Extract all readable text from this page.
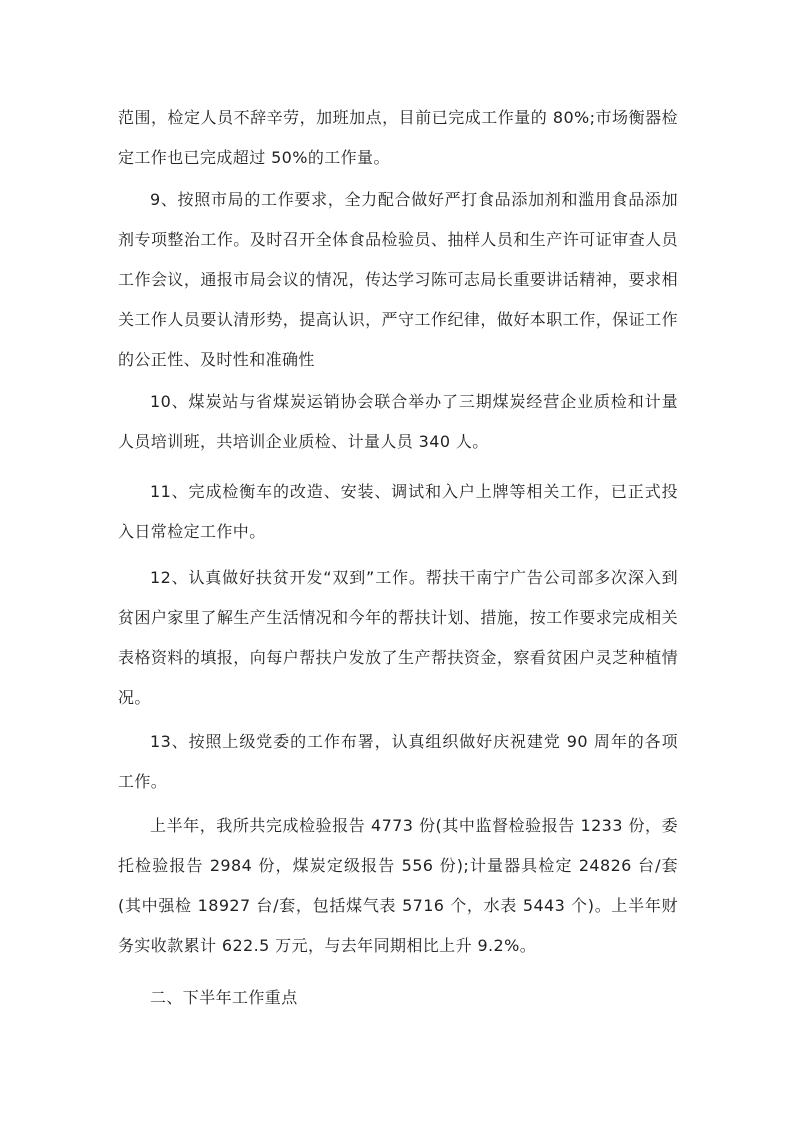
范围，检定人员不辞辛劳，加班加点，目前已完成工作量的 80%;市场衡器检定工作也已完成超过 50%的工作量。

9、按照市局的工作要求，全力配合做好严打食品添加剂和滥用食品添加剂专项整治工作。及时召开全体食品检验员、抽样人员和生产许可证审查人员工作会议，通报市局会议的情况，传达学习陈可志局长重要讲话精神，要求相关工作人员要认清形势，提高认识，严守工作纪律，做好本职工作，保证工作的公正性、及时性和准确性

10、煤炭站与省煤炭运销协会联合举办了三期煤炭经营企业质检和计量人员培训班，共培训企业质检、计量人员 340 人。

11、完成检衡车的改造、安装、调试和入户上牌等相关工作，已正式投入日常检定工作中。

12、认真做好扶贫开发“双到”工作。帮扶干南宁广告公司部多次深入到贫困户家里了解生产生活情况和今年的帮扶计划、措施，按工作要求完成相关表格资料的填报，向每户帮扶户发放了生产帮扶资金，察看贫困户灵芝种植情况。

13、按照上级党委的工作布署，认真组织做好庆祝建党 90 周年的各项工作。

上半年，我所共完成检验报告 4773 份(其中监督检验报告 1233 份，委托检验报告 2984 份，煤炭定级报告 556 份);计量器具检定 24826 台/套(其中强检 18927 台/套，包括煤气表 5716 个，水表 5443 个)。上半年财务实收款累计 622.5 万元，与去年同期相比上升 9.2%。

二、下半年工作重点
